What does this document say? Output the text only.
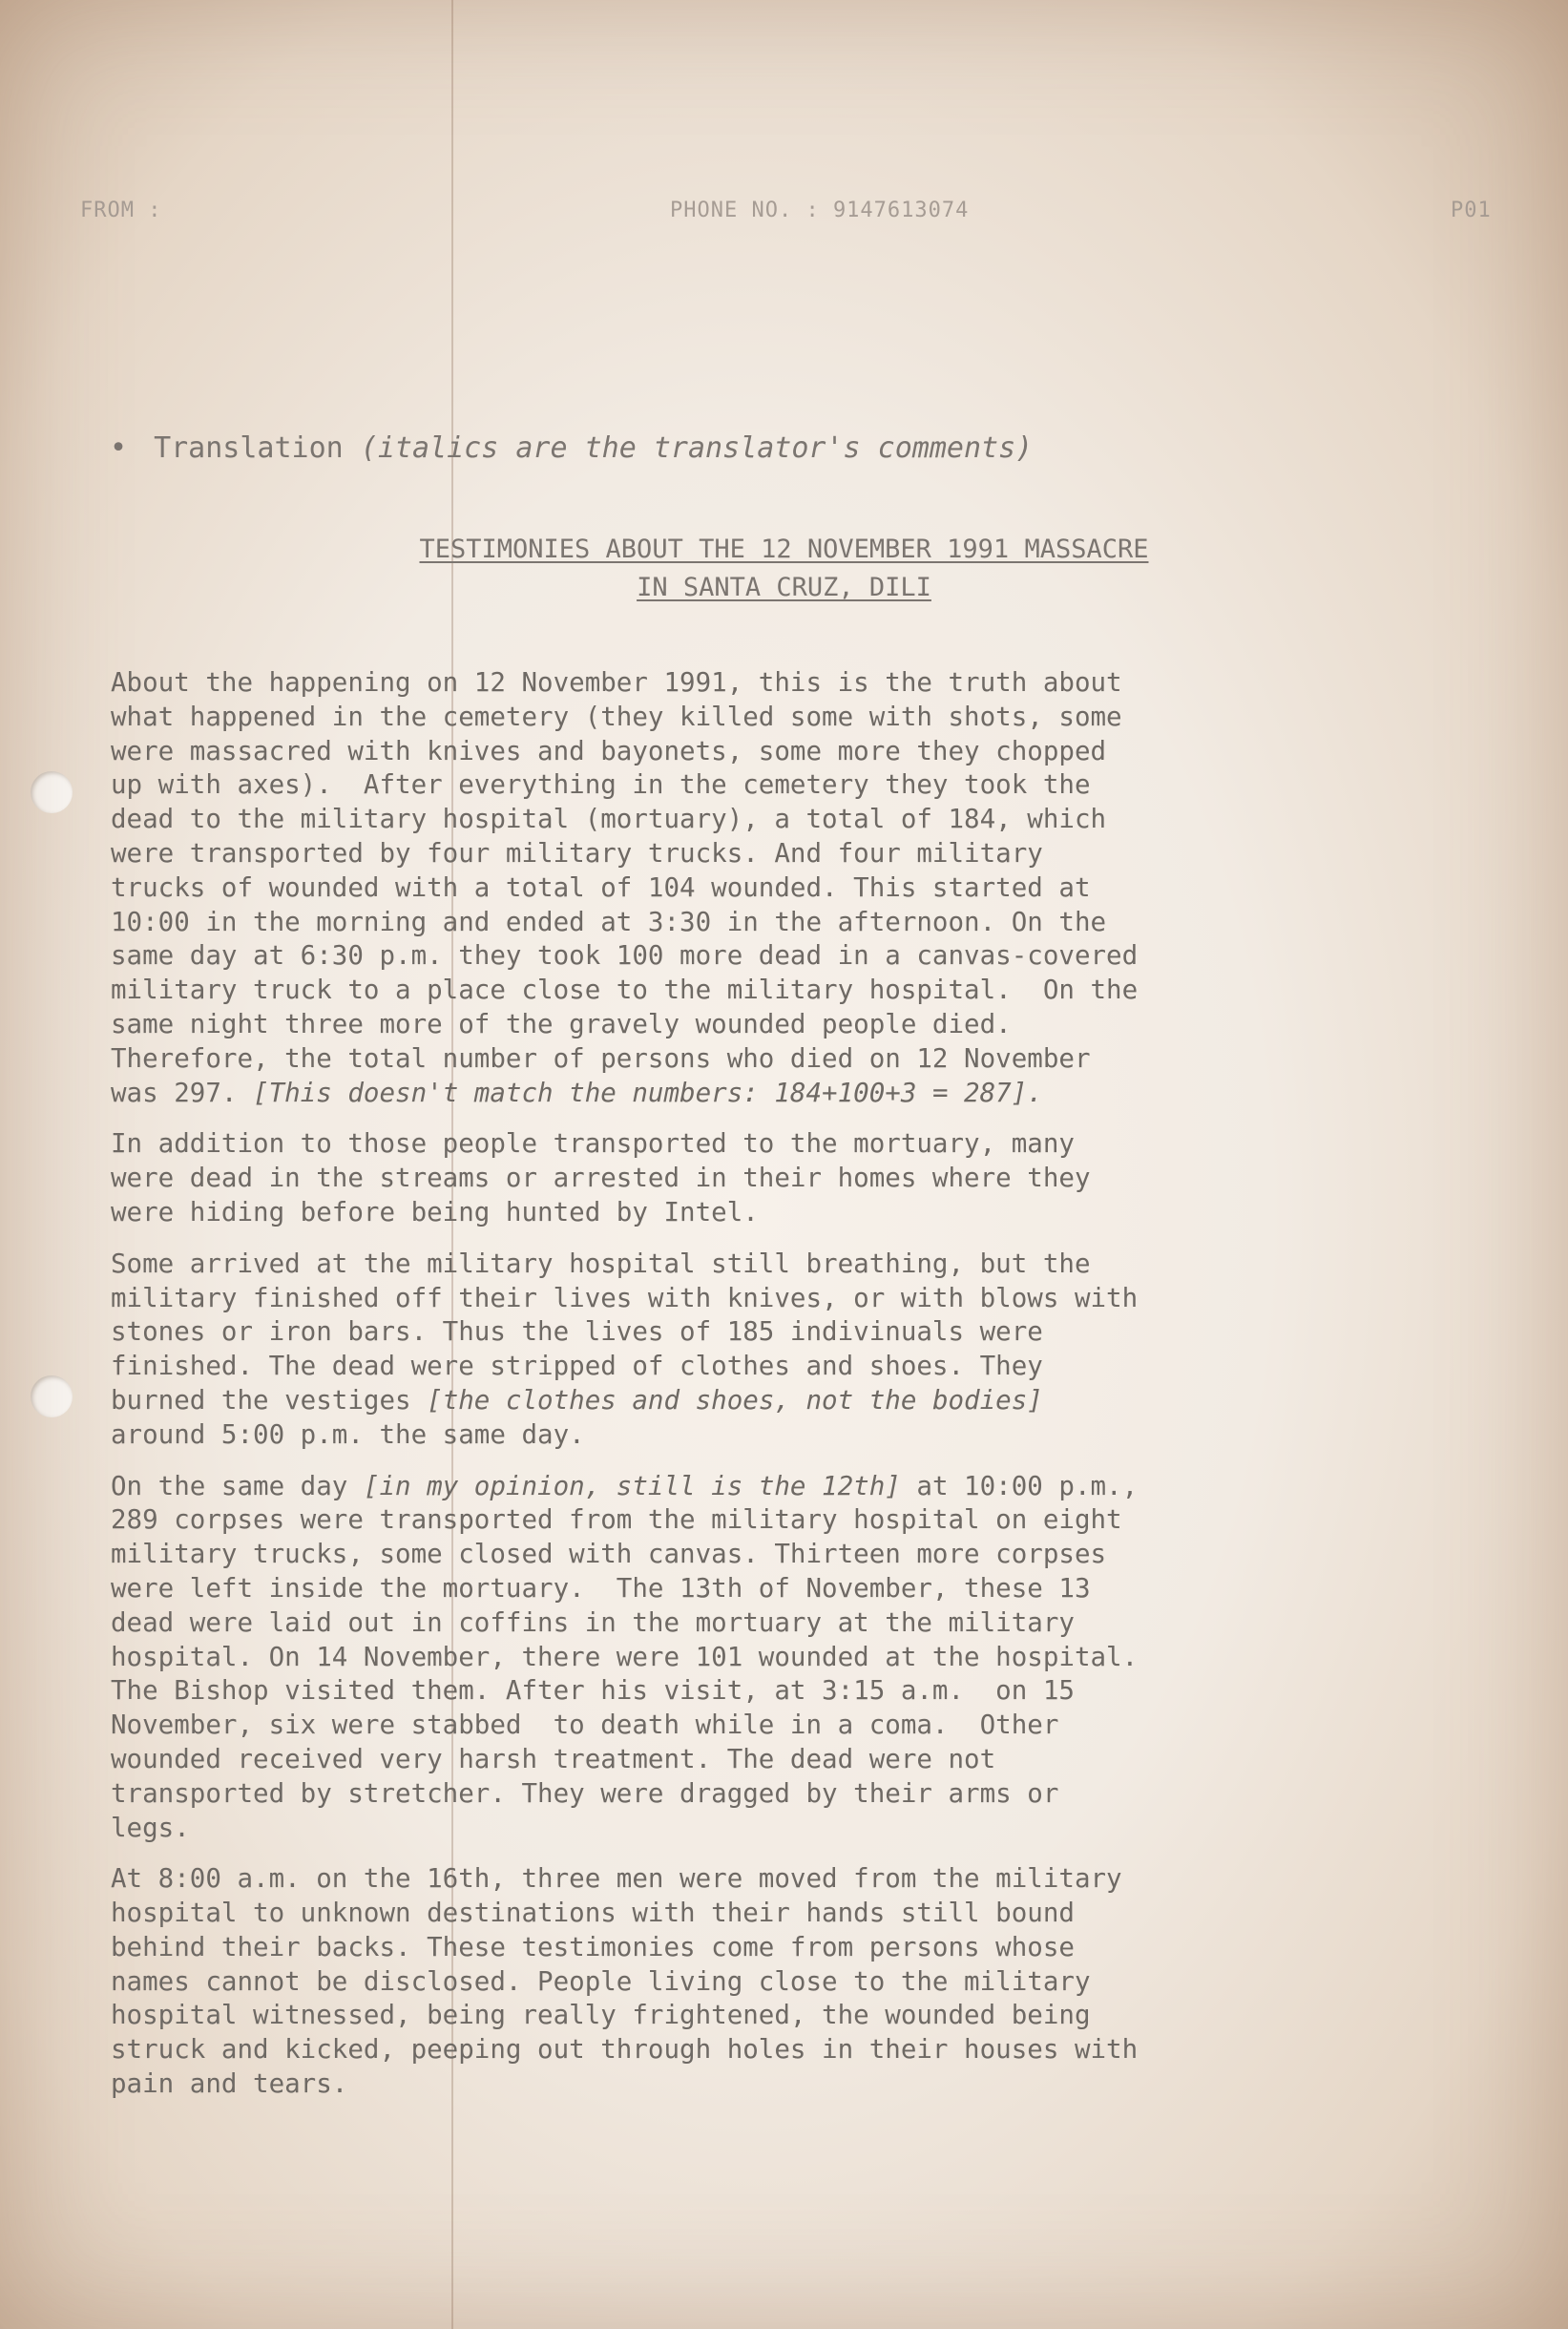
FROM :	PHONE NO. : 9147613074	P01
• Translation (italics are the translator's comments)
TESTIMONIES ABOUT THE 12 NOVEMBER 1991 MASSACRE
IN SANTA CRUZ, DILI

About the happening on 12 November 1991, this is the truth about
what happened in the cemetery (they killed some with shots, some
were massacred with knives and bayonets, some more they chopped
up with axes).  After everything in the cemetery they took the
dead to the military hospital (mortuary), a total of 184, which
were transported by four military trucks. And four military
trucks of wounded with a total of 104 wounded. This started at
10:00 in the morning and ended at 3:30 in the afternoon. On the
same day at 6:30 p.m. they took 100 more dead in a canvas-covered
military truck to a place close to the military hospital.  On the
same night three more of the gravely wounded people died.
Therefore, the total number of persons who died on 12 November
was 297. [This doesn't match the numbers: 184+100+3 = 287].

In addition to those people transported to the mortuary, many
were dead in the streams or arrested in their homes where they
were hiding before being hunted by Intel.

Some arrived at the military hospital still breathing, but the
military finished off their lives with knives, or with blows with
stones or iron bars. Thus the lives of 185 indivinuals were
finished. The dead were stripped of clothes and shoes. They
burned the vestiges [the clothes and shoes, not the bodies]
around 5:00 p.m. the same day.

On the same day [in my opinion, still is the 12th] at 10:00 p.m.,
289 corpses were transported from the military hospital on eight
military trucks, some closed with canvas. Thirteen more corpses
were left inside the mortuary.  The 13th of November, these 13
dead were laid out in coffins in the mortuary at the military
hospital. On 14 November, there were 101 wounded at the hospital.
The Bishop visited them. After his visit, at 3:15 a.m.  on 15
November, six were stabbed  to death while in a coma.  Other
wounded received very harsh treatment. The dead were not
transported by stretcher. They were dragged by their arms or
legs.

At 8:00 a.m. on the 16th, three men were moved from the military
hospital to unknown destinations with their hands still bound
behind their backs. These testimonies come from persons whose
names cannot be disclosed. People living close to the military
hospital witnessed, being really frightened, the wounded being
struck and kicked, peeping out through holes in their houses with
pain and tears.
